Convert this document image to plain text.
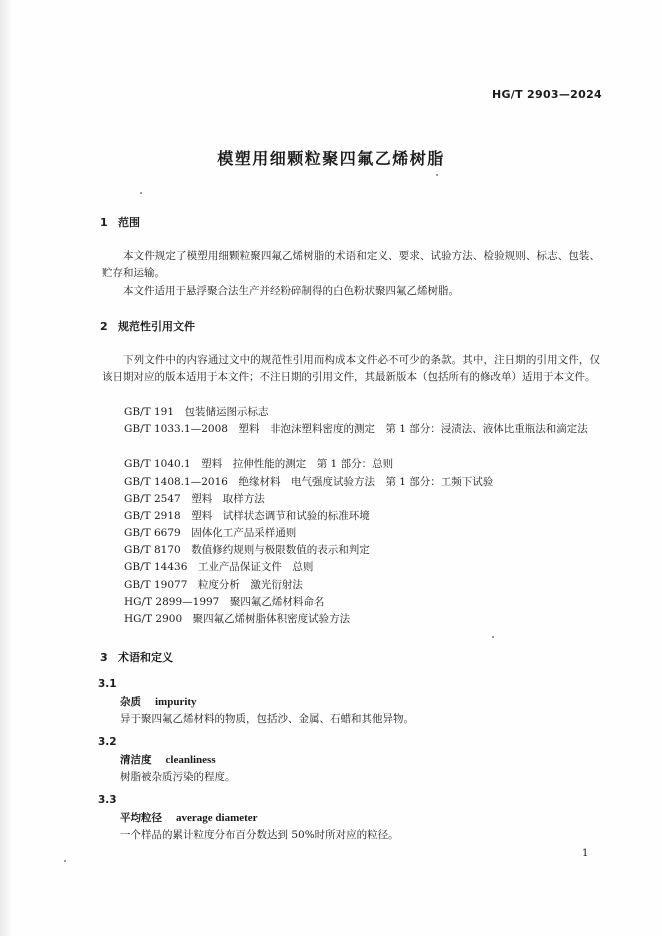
HG/T 2903—2024
模塑用细颗粒聚四氟乙烯树脂
1 范围
本文件规定了模塑用细颗粒聚四氟乙烯树脂的术语和定义、要求、试验方法、检验规则、标志、包装、贮存和运输。
本文件适用于悬浮聚合法生产并经粉碎制得的白色粉状聚四氟乙烯树脂。
2 规范性引用文件
下列文件中的内容通过文中的规范性引用而构成本文件必不可少的条款。其中，注日期的引用文件，仅该日期对应的版本适用于本文件；不注日期的引用文件，其最新版本（包括所有的修改单）适用于本文件。
GB/T 191　包装储运图示标志
GB/T 1033.1—2008　塑料　非泡沫塑料密度的测定　第 1 部分：浸渍法、液体比重瓶法和滴定法
GB/T 1040.1　塑料　拉伸性能的测定　第 1 部分：总则
GB/T 1408.1—2016　绝缘材料　电气强度试验方法　第 1 部分：工频下试验
GB/T 2547　塑料　取样方法
GB/T 2918　塑料　试样状态调节和试验的标准环境
GB/T 6679　固体化工产品采样通则
GB/T 8170　数值修约规则与极限数值的表示和判定
GB/T 14436　工业产品保证文件　总则
GB/T 19077　粒度分析　激光衍射法
HG/T 2899—1997　聚四氟乙烯材料命名
HG/T 2900　聚四氟乙烯树脂体积密度试验方法
3 术语和定义
3.1
杂质 impurity
异于聚四氟乙烯材料的物质，包括沙、金属、石蜡和其他异物。
3.2
清洁度 cleanliness
树脂被杂质污染的程度。
3.3
平均粒径 average diameter
一个样品的累计粒度分布百分数达到 50%时所对应的粒径。
1
